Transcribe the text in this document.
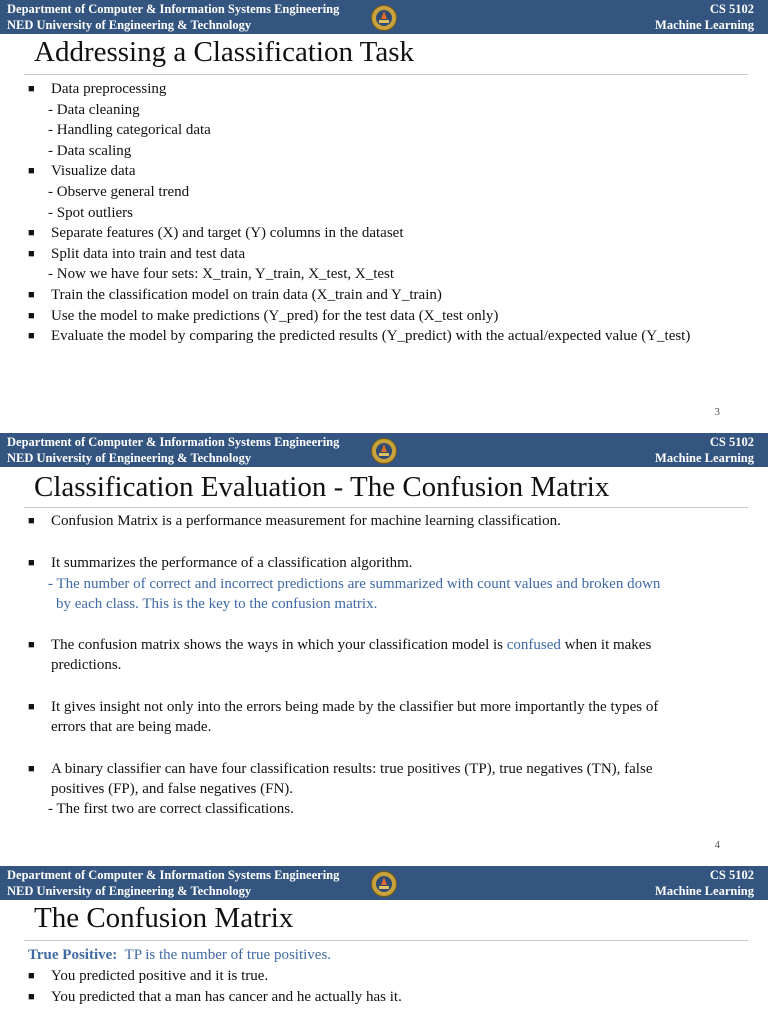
Department of Computer & Information Systems Engineering
NED University of Engineering & Technology
CS 5102
Machine Learning
Addressing a Classification Task
■ Data preprocessing
- Data cleaning
- Handling categorical data
- Data scaling
■ Visualize data
- Observe general trend
- Spot outliers
■ Separate features (X) and target (Y) columns in the dataset
■ Split data into train and test data
- Now we have four sets: X_train, Y_train, X_test, X_test
■ Train the classification model on train data (X_train and Y_train)
■ Use the model to make predictions (Y_pred) for the test data (X_test only)
■ Evaluate the model by comparing the predicted results (Y_predict) with the actual/expected value (Y_test)
3
Department of Computer & Information Systems Engineering
NED University of Engineering & Technology
CS 5102
Machine Learning
Classification Evaluation - The Confusion Matrix
■ Confusion Matrix is a performance measurement for machine learning classification.
■ It summarizes the performance of a classification algorithm.
- The number of correct and incorrect predictions are summarized with count values and broken down
by each class. This is the key to the confusion matrix.
■ The confusion matrix shows the ways in which your classification model is confused when it makes
predictions.
■ It gives insight not only into the errors being made by the classifier but more importantly the types of
errors that are being made.
■ A binary classifier can have four classification results: true positives (TP), true negatives (TN), false
positives (FP), and false negatives (FN).
- The first two are correct classifications.
4
Department of Computer & Information Systems Engineering
NED University of Engineering & Technology
CS 5102
Machine Learning
The Confusion Matrix
True Positive: TP is the number of true positives.
■ You predicted positive and it is true.
■ You predicted that a man has cancer and he actually has it.
